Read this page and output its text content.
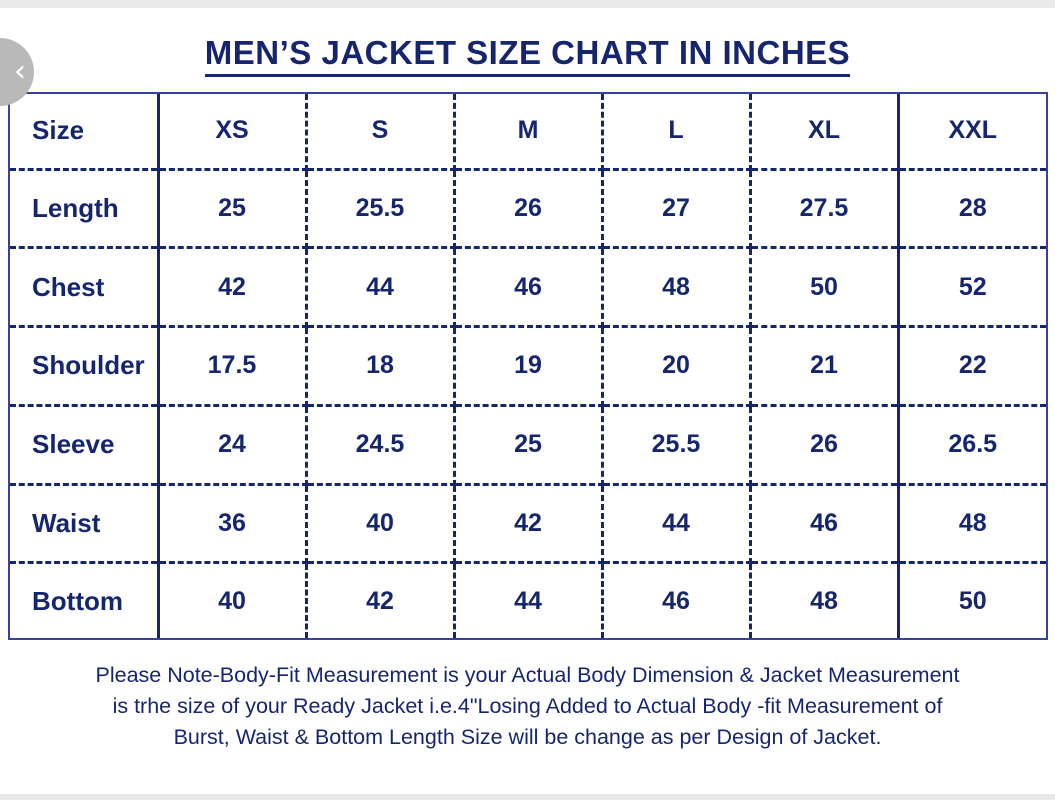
‹
MEN’S JACKET SIZE CHART IN INCHES
Size	XS	S	M	L	XL	XXL
Length	25	25.5	26	27	27.5	28
Chest	42	44	46	48	50	52
Shoulder	17.5	18	19	20	21	22
Sleeve	24	24.5	25	25.5	26	26.5
Waist	36	40	42	44	46	48
Bottom	40	42	44	46	48	50
Please Note-Body-Fit Measurement is your Actual Body Dimension & Jacket Measurement
is trhe size of your Ready Jacket i.e.4"Losing Added to Actual Body -fit Measurement of
Burst, Waist & Bottom Length Size will be change as per Design of Jacket.
